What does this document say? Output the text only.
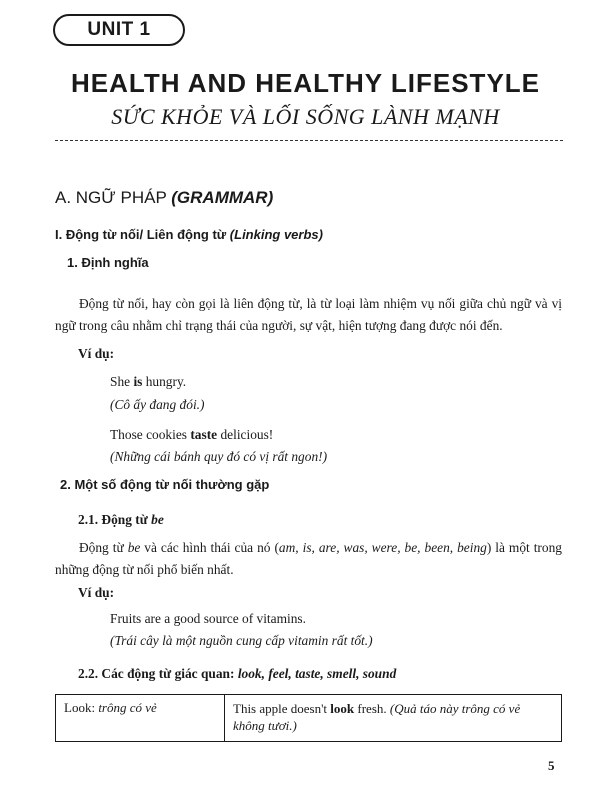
UNIT 1
HEALTH AND HEALTHY LIFESTYLE
SỨC KHỎE VÀ LỐI SỐNG LÀNH MẠNH
A. NGỮ PHÁP (GRAMMAR)
I. Động từ nối/ Liên động từ (Linking verbs)
1. Định nghĩa

Động từ nối, hay còn gọi là liên động từ, là từ loại làm nhiệm vụ nối giữa chủ ngữ và vị ngữ trong câu nhằm chỉ trạng thái của người, sự vật, hiện tượng đang được nói đến.

Ví dụ:
She is hungry.
(Cô ấy đang đói.)
Those cookies taste delicious!
(Những cái bánh quy đó có vị rất ngon!)
2. Một số động từ nối thường gặp
2.1. Động từ be

Động từ be và các hình thái của nó (am, is, are, was, were, be, been, being) là một trong những động từ nối phổ biến nhất.

Ví dụ:
Fruits are a good source of vitamins.
(Trái cây là một nguồn cung cấp vitamin rất tốt.)
2.2. Các động từ giác quan: look, feel, taste, smell, sound
Look: trông có vẻ	This apple doesn't look fresh. (Quả táo này trông có vẻ không tươi.)
5
